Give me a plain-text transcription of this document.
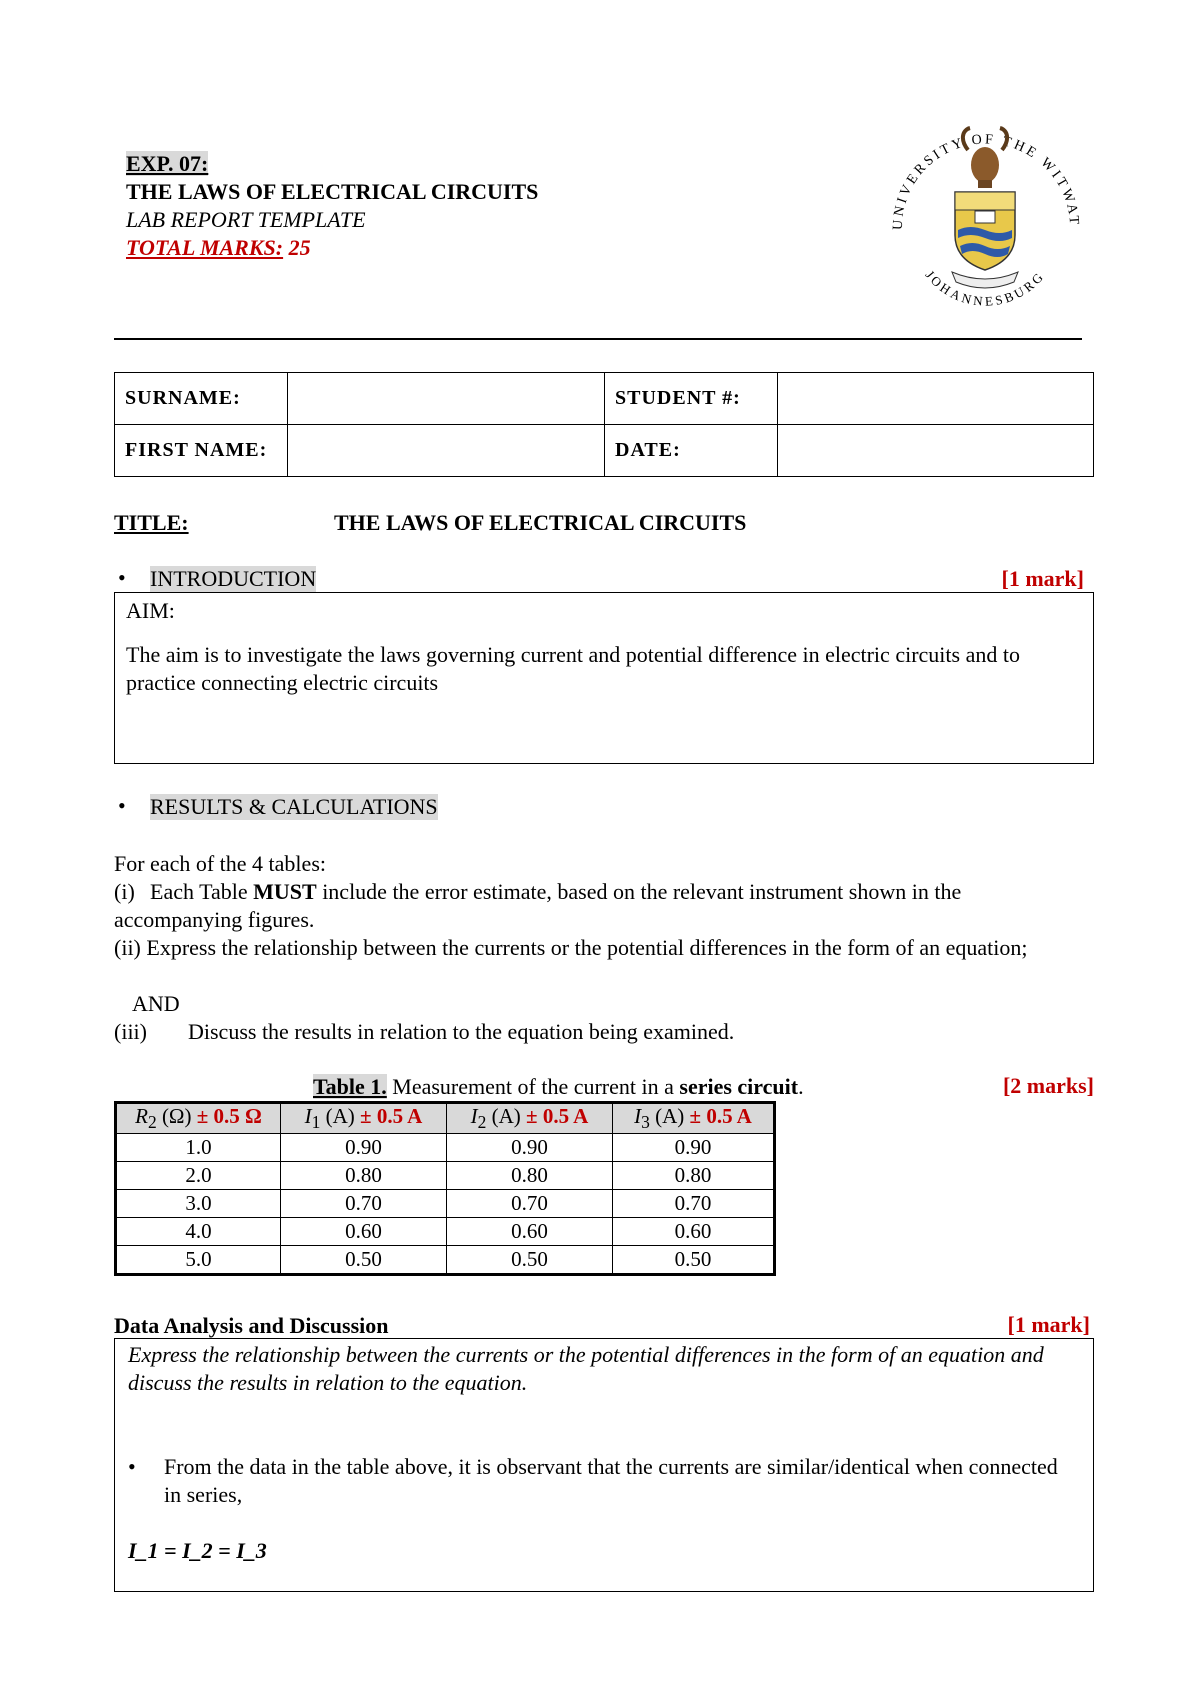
EXP. 07:
THE LAWS OF ELECTRICAL CIRCUITS
LAB REPORT TEMPLATE
TOTAL MARKS: 25
UNIVERSITY OF THE WITWAT
JOHANNESBURG
SURNAME:		STUDENT #:	
FIRST NAME:		DATE:	
TITLE:	THE LAWS OF ELECTRICAL CIRCUITS
• INTRODUCTION	[1 mark]
AIM:
The aim is to investigate the laws governing current and potential difference in electric circuits and to practice connecting electric circuits
• RESULTS & CALCULATIONS
For each of the 4 tables:
(i) Each Table MUST include the error estimate, based on the relevant instrument shown in the accompanying figures.
(ii) Express the relationship between the currents or the potential differences in the form of an equation;
AND
(iii) Discuss the results in relation to the equation being examined.
Table 1. Measurement of the current in a series circuit.	[2 marks]
$R_2$ (Ω) ± 0.5 Ω	$I_1$ (A) ± 0.5 A	$I_2$ (A) ± 0.5 A	$I_3$ (A) ± 0.5 A
1.0	0.90	0.90	0.90
2.0	0.80	0.80	0.80
3.0	0.70	0.70	0.70
4.0	0.60	0.60	0.60
5.0	0.50	0.50	0.50
Data Analysis and Discussion	[1 mark]
Express the relationship between the currents or the potential differences in the form of an equation and discuss the results in relation to the equation.
• From the data in the table above, it is observant that the currents are similar/identical when connected in series,
I_1 = I_2 = I_3
